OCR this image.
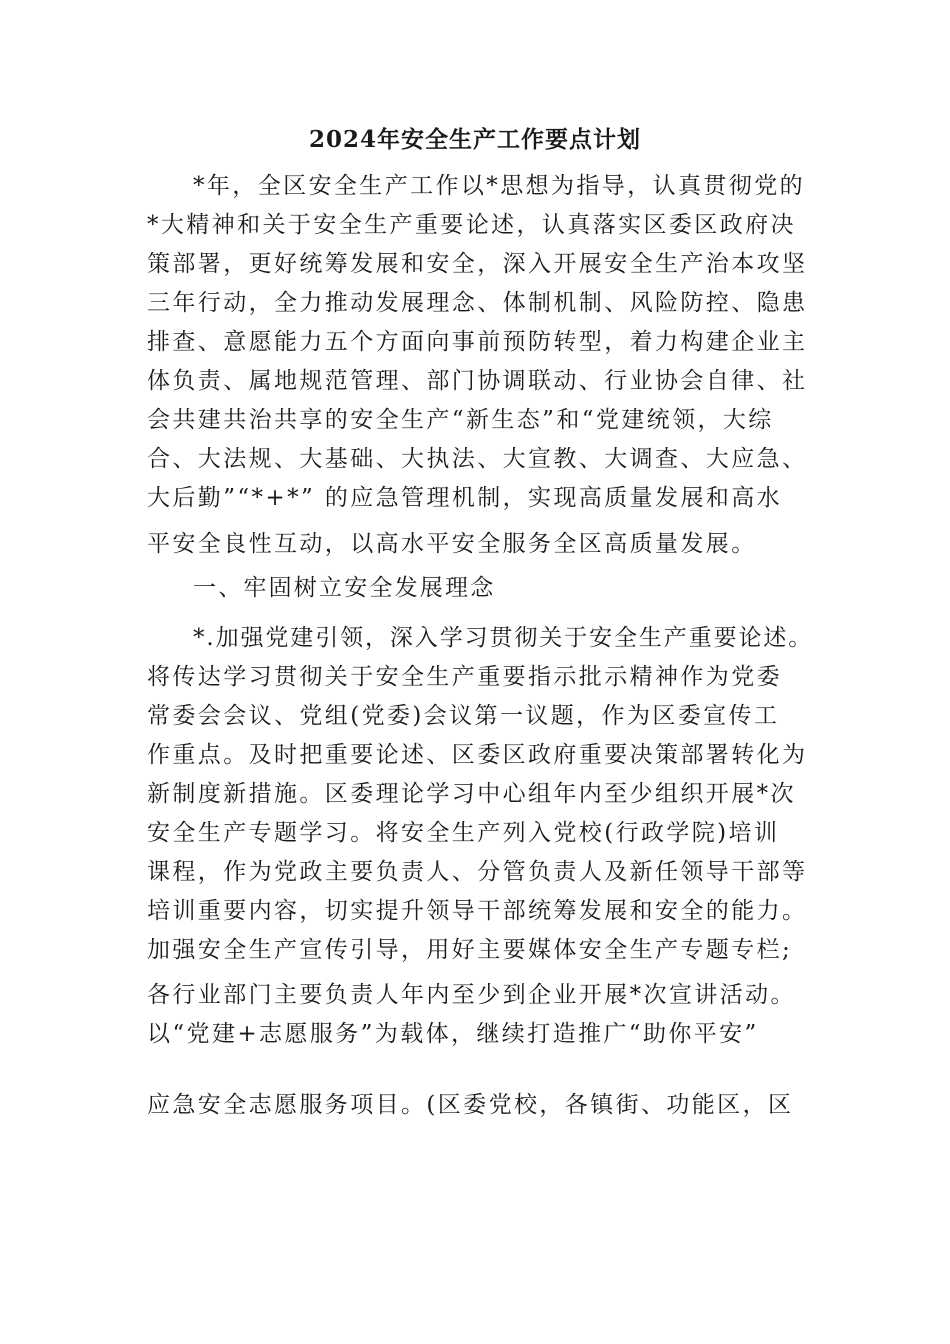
2024年安全生产工作要点计划
*年，全区安全生产工作以*思想为指导，认真贯彻党的
*大精神和关于安全生产重要论述，认真落实区委区政府决
策部署，更好统筹发展和安全，深入开展安全生产治本攻坚
三年行动，全力推动发展理念、体制机制、风险防控、隐患
排查、意愿能力五个方面向事前预防转型，着力构建企业主
体负责、属地规范管理、部门协调联动、行业协会自律、社
会共建共治共享的安全生产“新生态”和“党建统领，大综
合、大法规、大基础、大执法、大宣教、大调查、大应急、
大后勤”“*+*” 的应急管理机制，实现高质量发展和高水
平安全良性互动，以高水平安全服务全区高质量发展。
一、牢固树立安全发展理念
*.加强党建引领，深入学习贯彻关于安全生产重要论述。
将传达学习贯彻关于安全生产重要指示批示精神作为党委
常委会会议、党组(党委)会议第一议题，作为区委宣传工
作重点。及时把重要论述、区委区政府重要决策部署转化为
新制度新措施。区委理论学习中心组年内至少组织开展*次
安全生产专题学习。将安全生产列入党校(行政学院)培训
课程，作为党政主要负责人、分管负责人及新任领导干部等
培训重要内容，切实提升领导干部统筹发展和安全的能力。
加强安全生产宣传引导，用好主要媒体安全生产专题专栏;
各行业部门主要负责人年内至少到企业开展*次宣讲活动。
以“党建+志愿服务”为载体，继续打造推广“助你平安”
应急安全志愿服务项目。(区委党校，各镇街、功能区，区
